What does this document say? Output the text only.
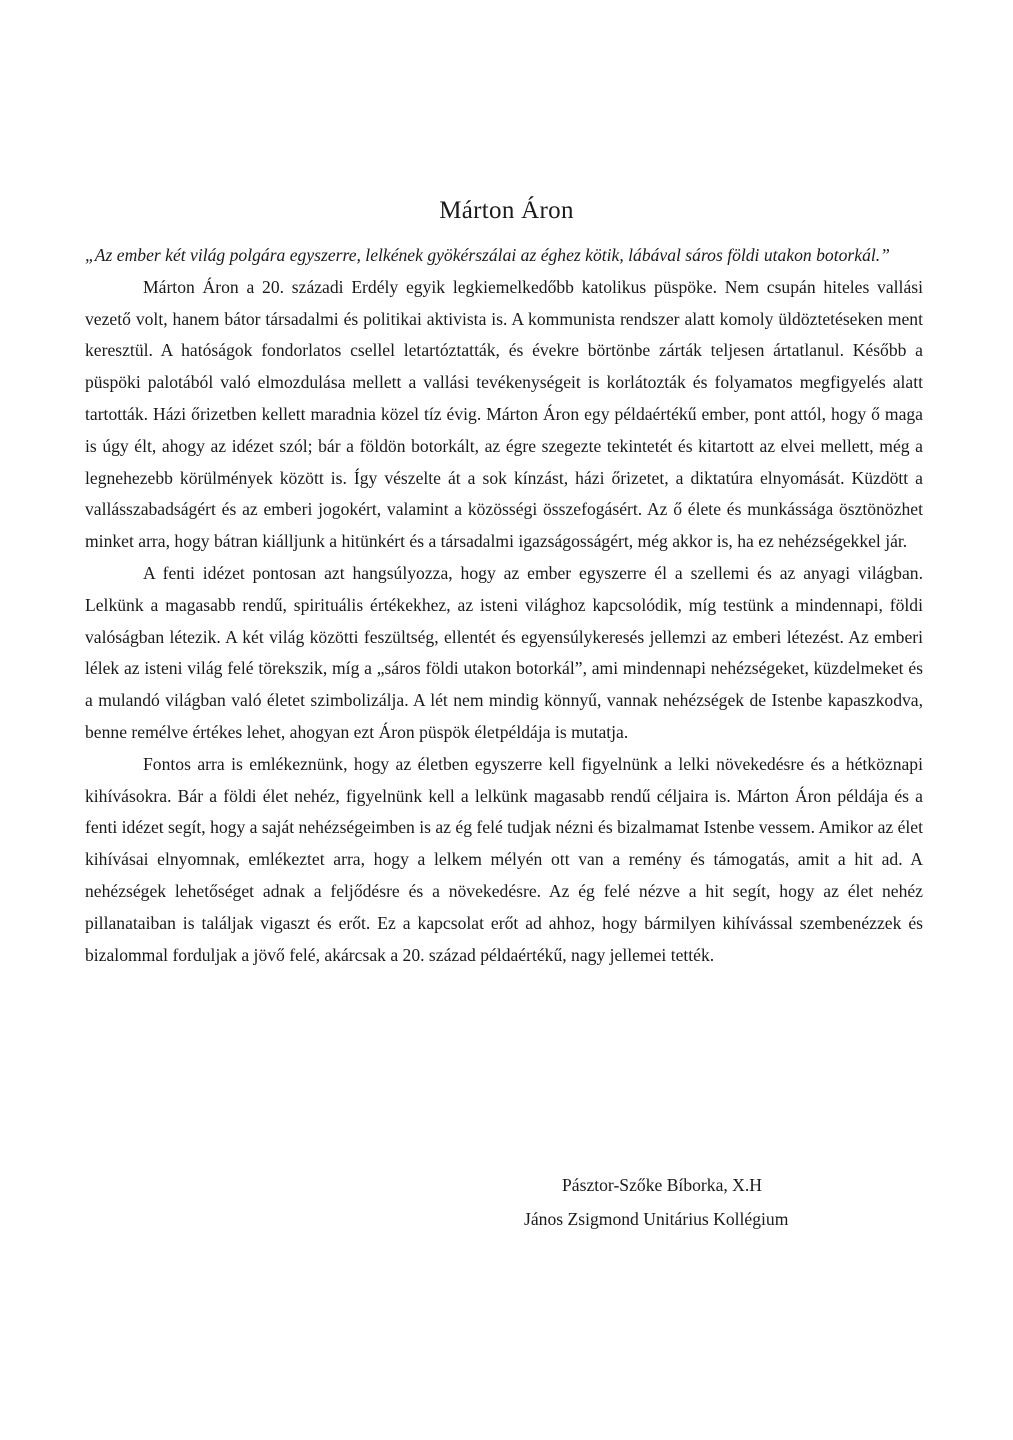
Márton Áron

„Az ember két világ polgára egyszerre, lelkének gyökérszálai az éghez kötik, lábával sáros földi utakon botorkál.”

Márton Áron a 20. századi Erdély egyik legkiemelkedőbb katolikus püspöke. Nem csupán hiteles vallási vezető volt, hanem bátor társadalmi és politikai aktivista is. A kommunista rendszer alatt komoly üldöztetéseken ment keresztül. A hatóságok fondorlatos csellel letartóztatták, és évekre börtönbe zárták teljesen ártatlanul. Később a püspöki palotából való elmozdulása mellett a vallási tevékenységeit is korlátozták és folyamatos megfigyelés alatt tartották. Házi őrizetben kellett maradnia közel tíz évig. Márton Áron egy példaértékű ember, pont attól, hogy ő maga is úgy élt, ahogy az idézet szól; bár a földön botorkált, az égre szegezte tekintetét és kitartott az elvei mellett, még a legnehezebb körülmények között is. Így vészelte át a sok kínzást, házi őrizetet, a diktatúra elnyomását. Küzdött a vallásszabadságért és az emberi jogokért, valamint a közösségi összefogásért. Az ő élete és munkássága ösztönözhet minket arra, hogy bátran kiálljunk a hitünkért és a társadalmi igazságosságért, még akkor is, ha ez nehézségekkel jár.

A fenti idézet pontosan azt hangsúlyozza, hogy az ember egyszerre él a szellemi és az anyagi világban. Lelkünk a magasabb rendű, spirituális értékekhez, az isteni világhoz kapcsolódik, míg testünk a mindennapi, földi valóságban létezik. A két világ közötti feszültség, ellentét és egyensúlykeresés jellemzi az emberi létezést. Az emberi lélek az isteni világ felé törekszik, míg a „sáros földi utakon botorkál”, ami mindennapi nehézségeket, küzdelmeket és a mulandó világban való életet szimbolizálja. A lét nem mindig könnyű, vannak nehézségek de Istenbe kapaszkodva, benne remélve értékes lehet, ahogyan ezt Áron püspök életpéldája is mutatja.

Fontos arra is emlékeznünk, hogy az életben egyszerre kell figyelnünk a lelki növekedésre és a hétköznapi kihívásokra. Bár a földi élet nehéz, figyelnünk kell a lelkünk magasabb rendű céljaira is. Márton Áron példája és a fenti idézet segít, hogy a saját nehézségeimben is az ég felé tudjak nézni és bizalmamat Istenbe vessem. Amikor az élet kihívásai elnyomnak, emlékeztet arra, hogy a lelkem mélyén ott van a remény és támogatás, amit a hit ad. A nehézségek lehetőséget adnak a feljődésre és a növekedésre. Az ég felé nézve a hit segít, hogy az élet nehéz pillanataiban is találjak vigaszt és erőt. Ez a kapcsolat erőt ad ahhoz, hogy bármilyen kihívással szembenézzek és bizalommal forduljak a jövő felé, akárcsak a 20. század példaértékű, nagy jellemei tették.

Pásztor-Szőke Bíborka, X.H
János Zsigmond Unitárius Kollégium
